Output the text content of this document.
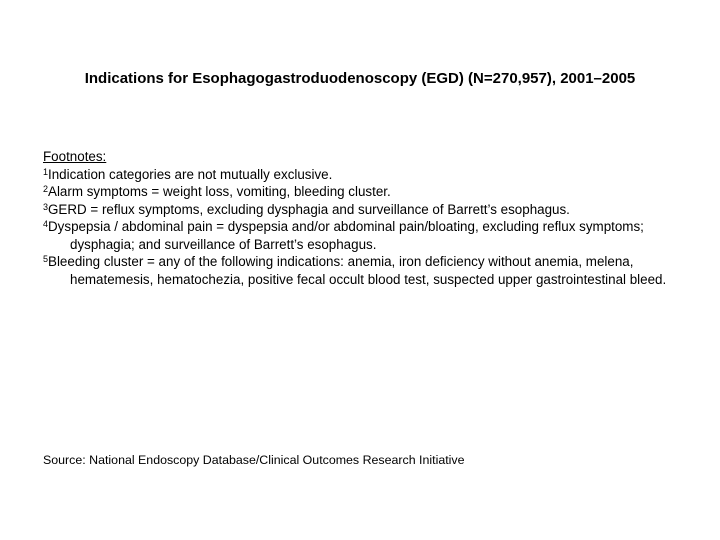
Indications for Esophagogastroduodenoscopy (EGD) (N=270,957), 2001–2005
Footnotes:
$^1$Indication categories are not mutually exclusive.
$^2$Alarm symptoms = weight loss, vomiting, bleeding cluster.
$^3$GERD = reflux symptoms, excluding dysphagia and surveillance of Barrett’s esophagus.
$^4$Dyspepsia / abdominal pain = dyspepsia and/or abdominal pain/bloating, excluding reflux symptoms; dysphagia; and surveillance of Barrett’s esophagus.
$^5$Bleeding cluster = any of the following indications: anemia, iron deficiency without anemia, melena, hematemesis, hematochezia, positive fecal occult blood test, suspected upper gastrointestinal bleed.
Source: National Endoscopy Database/Clinical Outcomes Research Initiative
